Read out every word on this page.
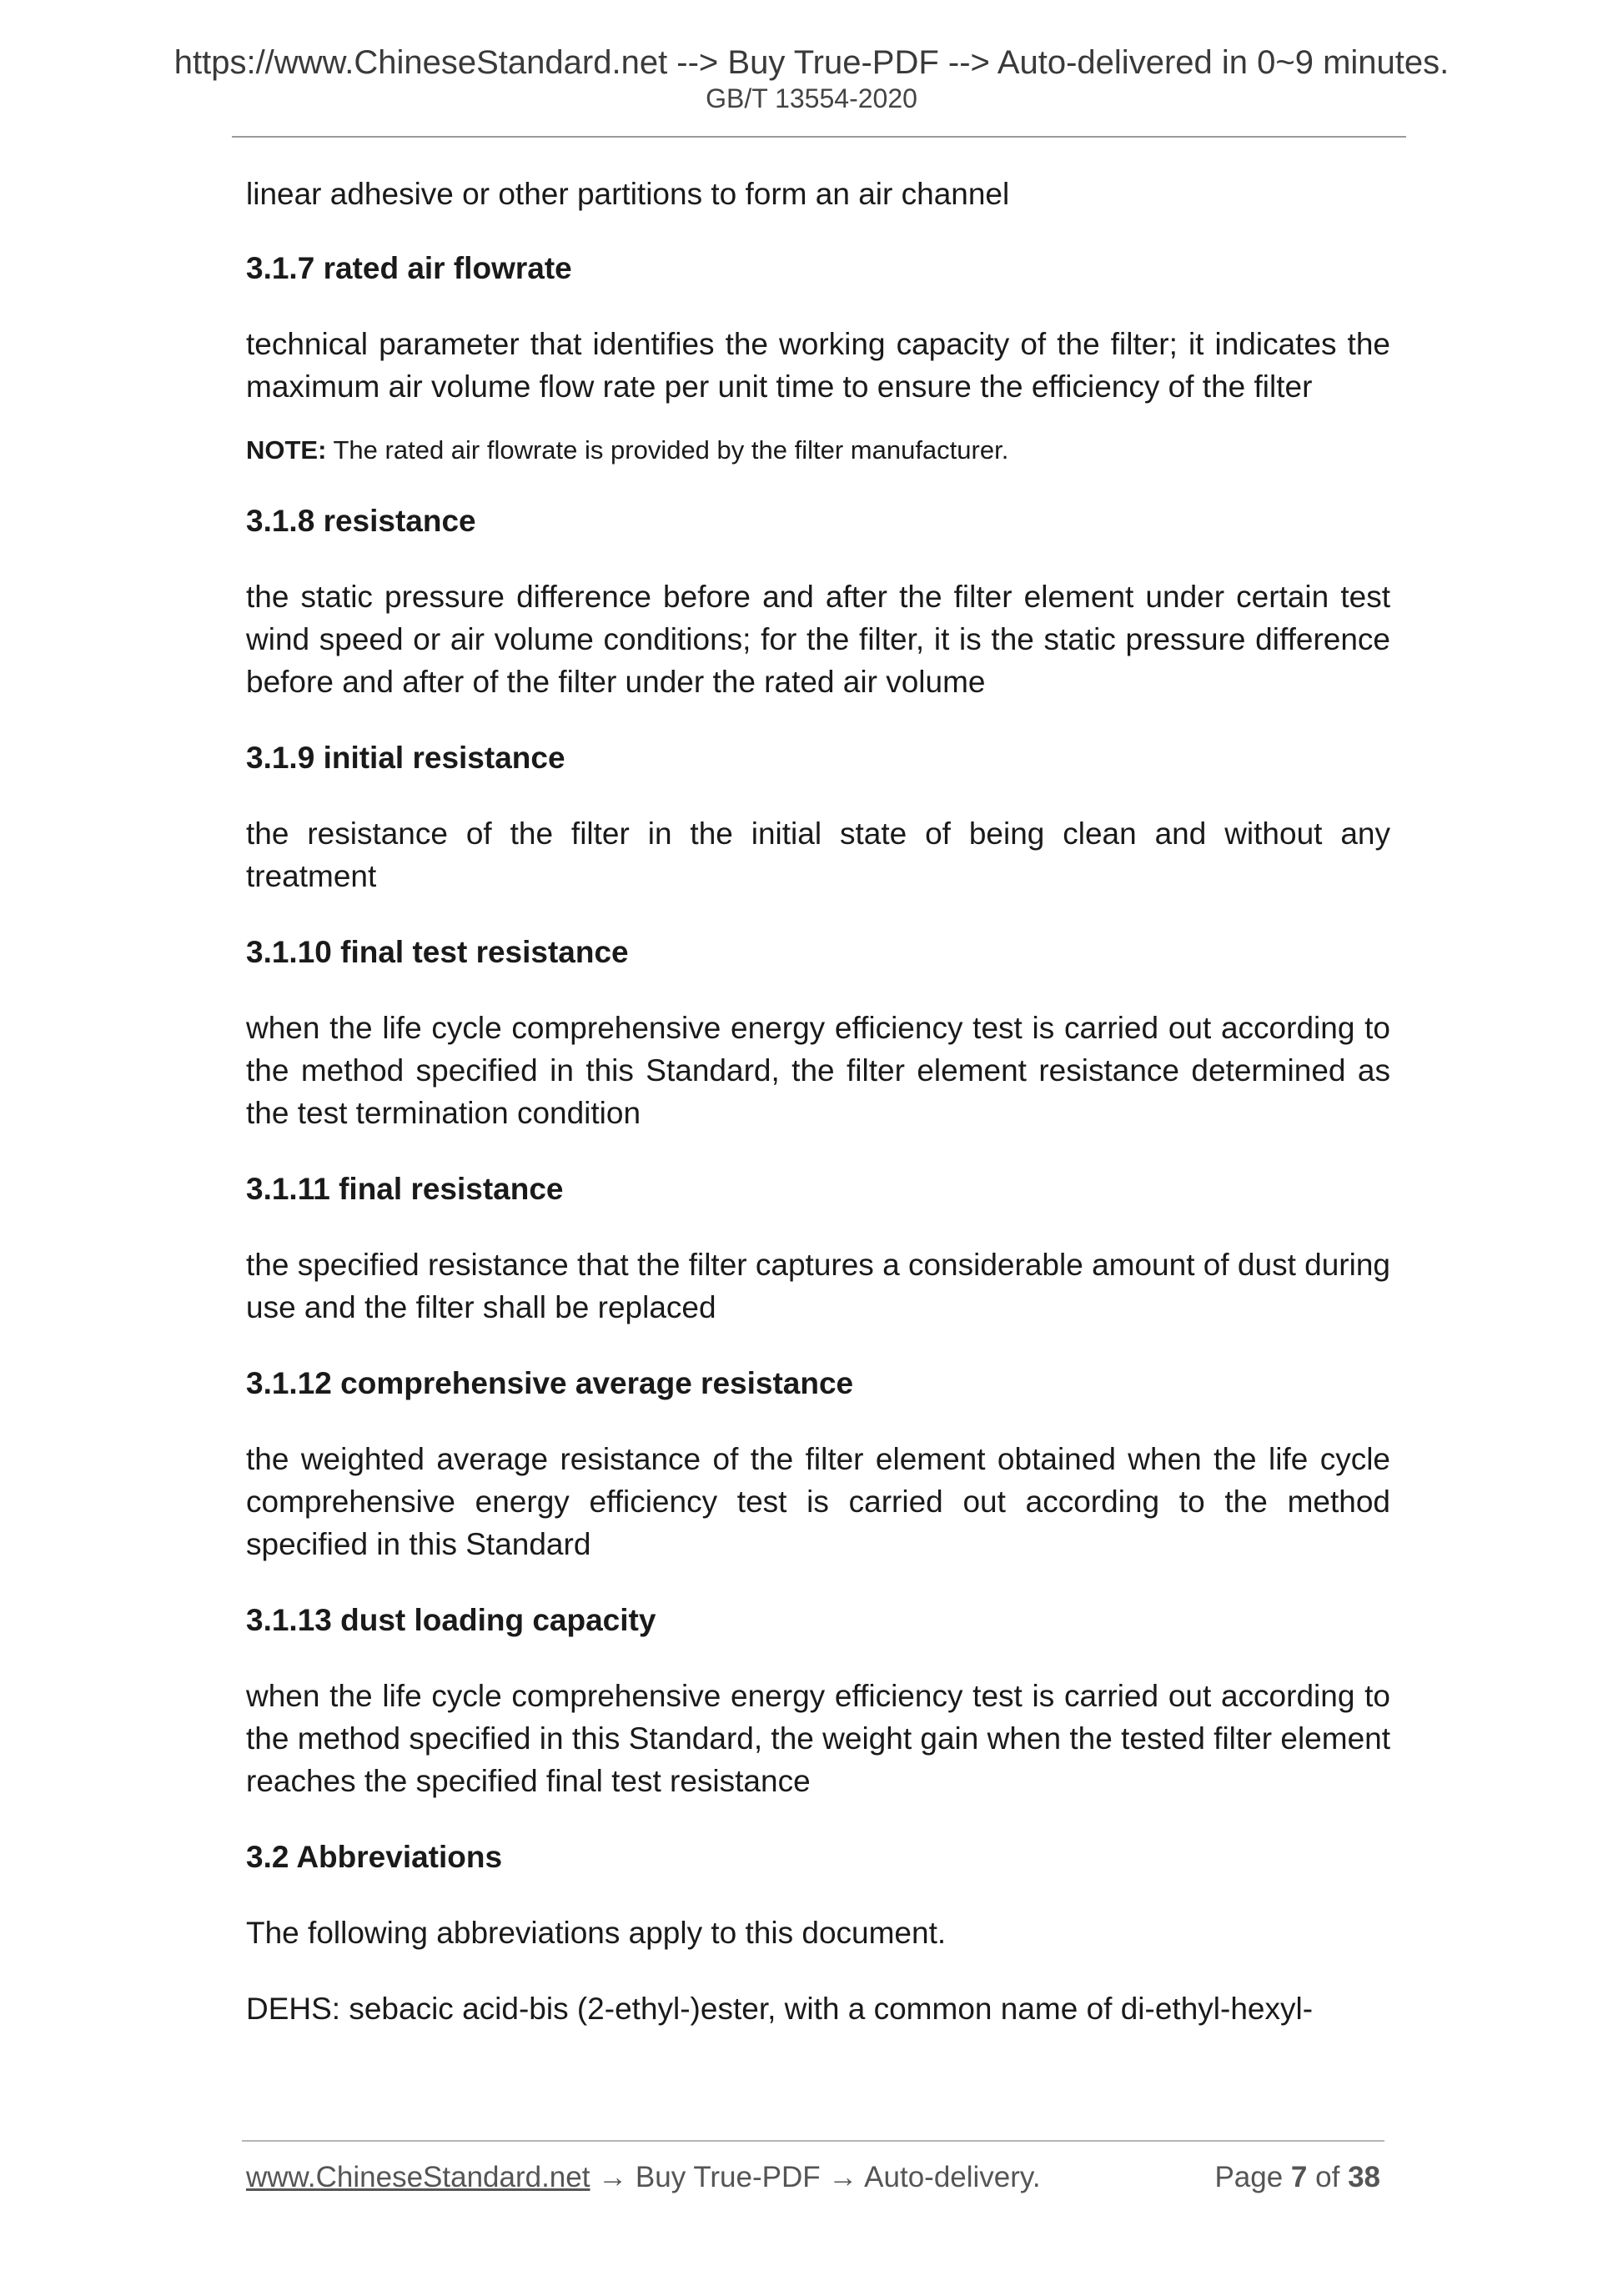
https://www.ChineseStandard.net --> Buy True-PDF --> Auto-delivered in 0~9 minutes.
GB/T 13554-2020

linear adhesive or other partitions to form an air channel

3.1.7 rated air flowrate

technical parameter that identifies the working capacity of the filter; it indicates the maximum air volume flow rate per unit time to ensure the efficiency of the filter

NOTE: The rated air flowrate is provided by the filter manufacturer.

3.1.8 resistance

the static pressure difference before and after the filter element under certain test wind speed or air volume conditions; for the filter, it is the static pressure difference before and after of the filter under the rated air volume

3.1.9 initial resistance

the resistance of the filter in the initial state of being clean and without any treatment

3.1.10 final test resistance

when the life cycle comprehensive energy efficiency test is carried out according to the method specified in this Standard, the filter element resistance determined as the test termination condition

3.1.11 final resistance

the specified resistance that the filter captures a considerable amount of dust during use and the filter shall be replaced

3.1.12 comprehensive average resistance

the weighted average resistance of the filter element obtained when the life cycle comprehensive energy efficiency test is carried out according to the method specified in this Standard

3.1.13 dust loading capacity

when the life cycle comprehensive energy efficiency test is carried out according to the method specified in this Standard, the weight gain when the tested filter element reaches the specified final test resistance

3.2 Abbreviations

The following abbreviations apply to this document.

DEHS: sebacic acid-bis (2-ethyl-)ester, with a common name of di-ethyl-hexyl-

www.ChineseStandard.net → Buy True-PDF → Auto-delivery.	Page 7 of 38
